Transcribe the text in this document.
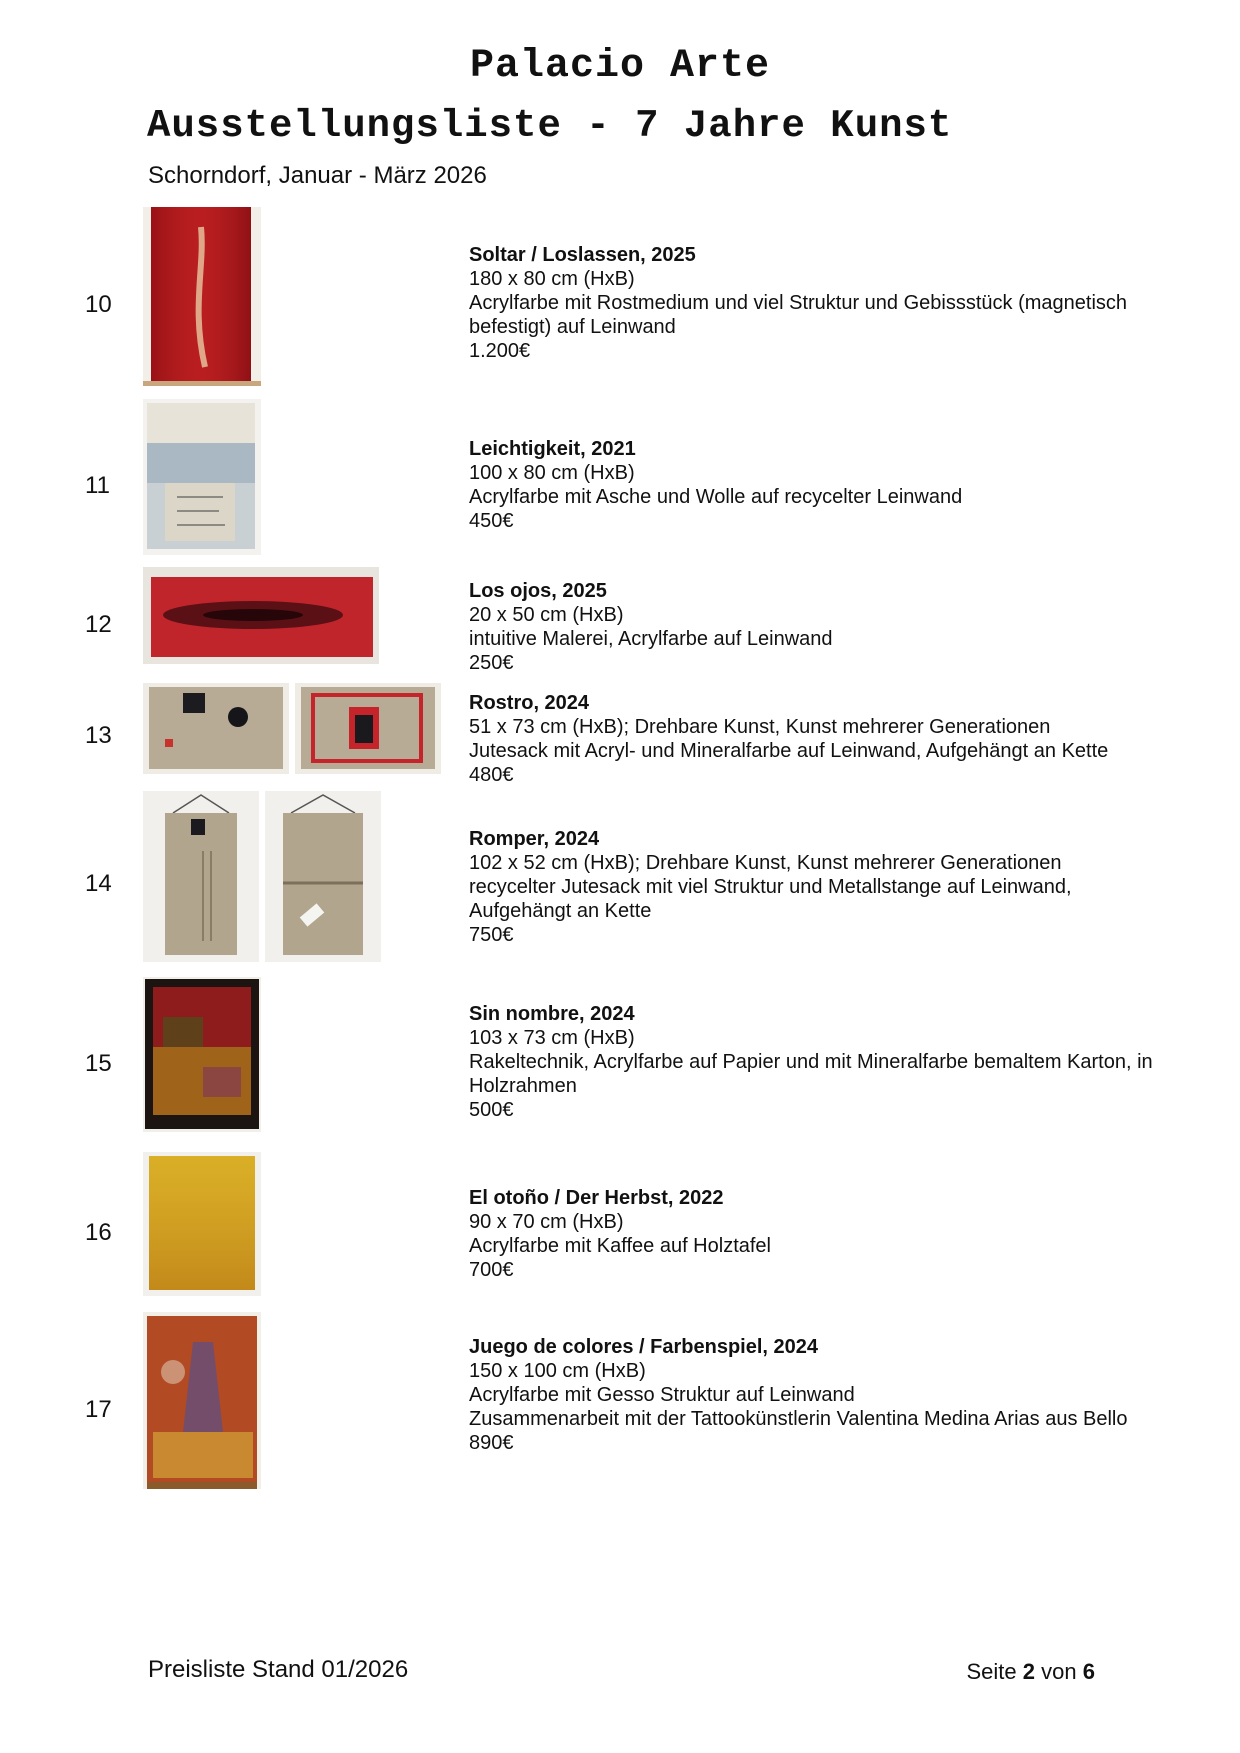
Palacio Arte
Ausstellungsliste - 7 Jahre Kunst
Schorndorf, Januar - März 2026
10
Soltar / Loslassen, 2025
180 x 80 cm (HxB)
Acrylfarbe mit Rostmedium und viel Struktur und Gebissstück (magnetisch befestigt) auf Leinwand
1.200€
11
Leichtigkeit, 2021
100 x 80 cm (HxB)
Acrylfarbe mit Asche und Wolle auf recycelter Leinwand
450€
12
Los ojos, 2025
20 x 50 cm (HxB)
intuitive Malerei, Acrylfarbe auf Leinwand
250€
13
Rostro, 2024
51 x 73 cm (HxB); Drehbare Kunst, Kunst mehrerer Generationen
Jutesack mit Acryl- und Mineralfarbe auf Leinwand, Aufgehängt an Kette
480€
14
Romper, 2024
102 x 52 cm (HxB); Drehbare Kunst, Kunst mehrerer Generationen
recycelter Jutesack mit viel Struktur und Metallstange auf Leinwand, Aufgehängt an Kette
750€
15
Sin nombre, 2024
103 x 73 cm (HxB)
Rakeltechnik, Acrylfarbe auf Papier und mit Mineralfarbe bemaltem Karton, in Holzrahmen
500€
16
El otoño / Der Herbst, 2022
90 x 70 cm (HxB)
Acrylfarbe mit Kaffee auf Holztafel
700€
17
Juego de colores / Farbenspiel, 2024
150 x 100 cm (HxB)
Acrylfarbe mit Gesso Struktur auf Leinwand
Zusammenarbeit mit der Tattookünstlerin Valentina Medina Arias aus Bello
890€
Preisliste Stand 01/2026	Seite 2 von 6
